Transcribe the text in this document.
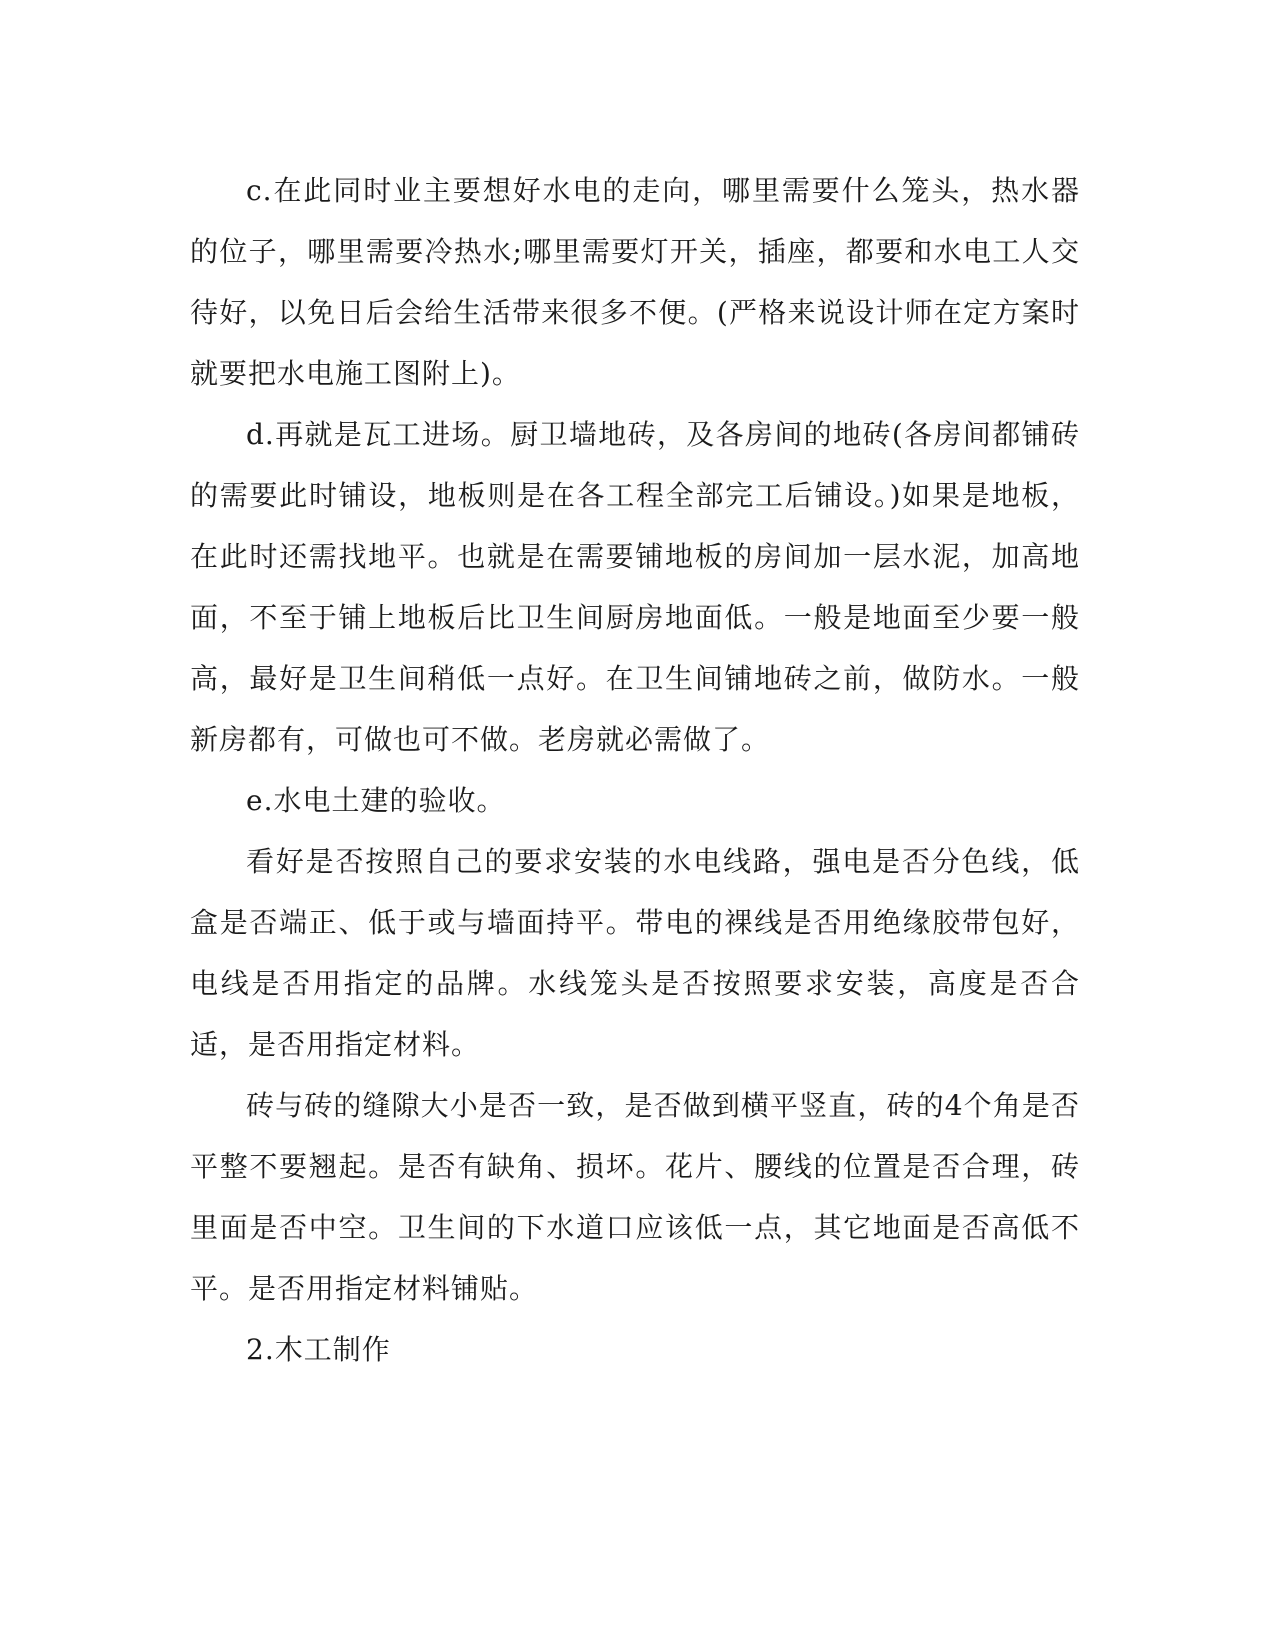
c.在此同时业主要想好水电的走向，哪里需要什么笼头，热水器的位子，哪里需要冷热水;哪里需要灯开关，插座，都要和水电工人交待好，以免日后会给生活带来很多不便。(严格来说设计师在定方案时就要把水电施工图附上)。

d.再就是瓦工进场。厨卫墙地砖，及各房间的地砖(各房间都铺砖的需要此时铺设，地板则是在各工程全部完工后铺设。)如果是地板，在此时还需找地平。也就是在需要铺地板的房间加一层水泥，加高地面，不至于铺上地板后比卫生间厨房地面低。一般是地面至少要一般高，最好是卫生间稍低一点好。在卫生间铺地砖之前，做防水。一般新房都有，可做也可不做。老房就必需做了。

e.水电土建的验收。

看好是否按照自己的要求安装的水电线路，强电是否分色线，低盒是否端正、低于或与墙面持平。带电的裸线是否用绝缘胶带包好，电线是否用指定的品牌。水线笼头是否按照要求安装，高度是否合适，是否用指定材料。

砖与砖的缝隙大小是否一致，是否做到横平竖直，砖的4个角是否平整不要翘起。是否有缺角、损坏。花片、腰线的位置是否合理，砖里面是否中空。卫生间的下水道口应该低一点，其它地面是否高低不平。是否用指定材料铺贴。

2.木工制作
